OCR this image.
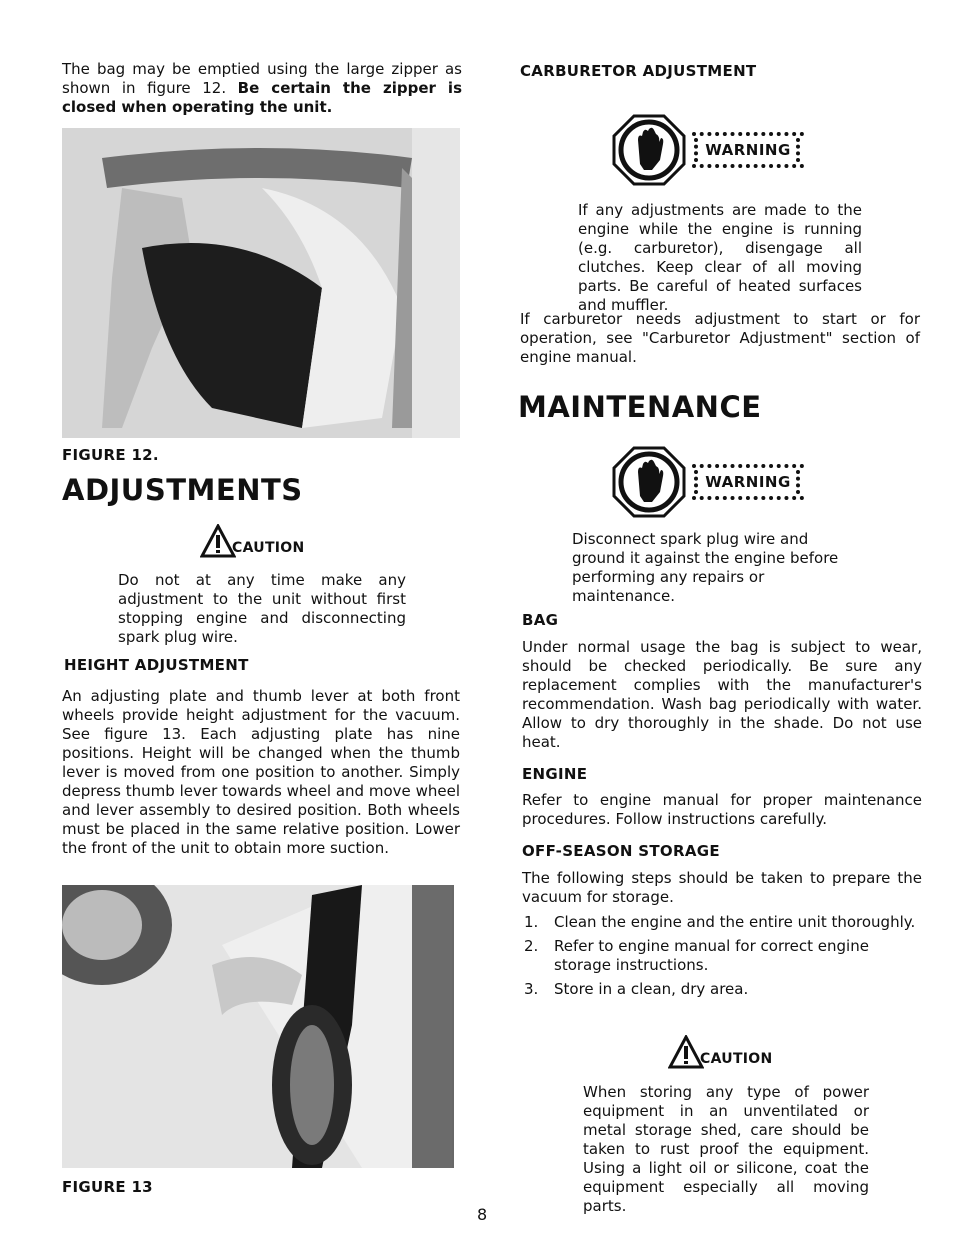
The bag may be emptied using the large zipper as shown in figure 12. Be certain the zipper is closed when operating the unit.
FIGURE 12.
ADJUSTMENTS
CAUTION
Do not at any time make any adjustment to the unit without first stopping engine and disconnecting spark plug wire.
HEIGHT ADJUSTMENT
An adjusting plate and thumb lever at both front wheels provide height adjustment for the vacuum. See figure 13. Each adjusting plate has nine positions. Height will be changed when the thumb lever is moved from one position to another. Simply depress thumb lever towards wheel and move wheel and lever assembly to desired position. Both wheels must be placed in the same relative position. Lower the front of the unit to obtain more suction.
FIGURE 13
CARBURETOR ADJUSTMENT
WARNING
If any adjustments are made to the engine while the engine is running (e.g. carburetor), disengage all clutches. Keep clear of all moving parts. Be careful of heated surfaces and muffler.
If carburetor needs adjustment to start or for operation, see "Carburetor Adjustment" section of engine manual.
MAINTENANCE
WARNING
Disconnect spark plug wire and ground it against the engine before performing any repairs or maintenance.
BAG
Under normal usage the bag is subject to wear, should be checked periodically. Be sure any replacement complies with the manufacturer's recommendation. Wash bag periodically with water. Allow to dry thoroughly in the shade. Do not use heat.
ENGINE
Refer to engine manual for proper maintenance procedures. Follow instructions carefully.
OFF-SEASON STORAGE
The following steps should be taken to prepare the vacuum for storage.
1.	Clean the engine and the entire unit thoroughly.
2.	Refer to engine manual for correct engine storage instructions.
3.	Store in a clean, dry area.
CAUTION
When storing any type of power equipment in an unventilated or metal storage shed, care should be taken to rust proof the equipment. Using a light oil or silicone, coat the equipment especially all moving parts.
8
